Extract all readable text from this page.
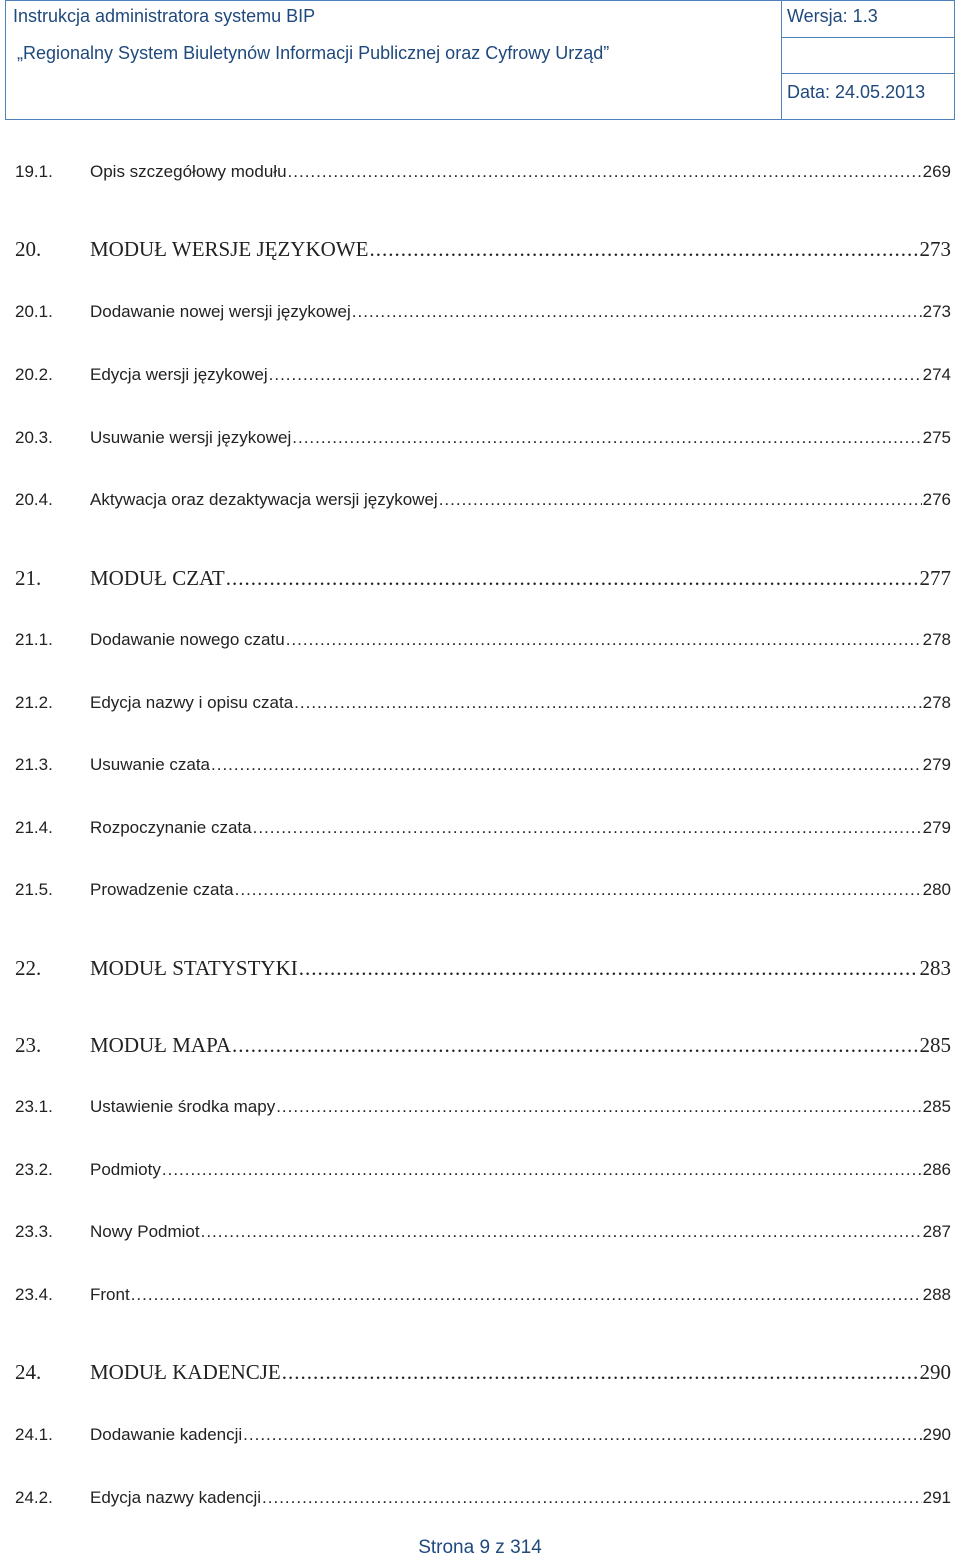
Instrukcja administratora systemu BIP
„Regionalny System Biuletynów Informacji Publicznej oraz Cyfrowy Urząd”
Wersja: 1.3
Data: 24.05.2013
19.1.	Opis szczegółowy modułu .....	269
20.	MODUŁ WERSJE JĘZYKOWE .....	273
20.1.	Dodawanie nowej wersji językowej .....	273
20.2.	Edycja wersji językowej .....	274
20.3.	Usuwanie wersji językowej .....	275
20.4.	Aktywacja oraz dezaktywacja wersji językowej .....	276
21.	MODUŁ CZAT .....	277
21.1.	Dodawanie nowego czatu .....	278
21.2.	Edycja nazwy i opisu czata .....	278
21.3.	Usuwanie czata .....	279
21.4.	Rozpoczynanie czata .....	279
21.5.	Prowadzenie czata .....	280
22.	MODUŁ STATYSTYKI .....	283
23.	MODUŁ MAPA .....	285
23.1.	Ustawienie środka mapy .....	285
23.2.	Podmioty .....	286
23.3.	Nowy Podmiot .....	287
23.4.	Front .....	288
24.	MODUŁ KADENCJE .....	290
24.1.	Dodawanie kadencji .....	290
24.2.	Edycja nazwy kadencji .....	291
Strona 9 z 314
